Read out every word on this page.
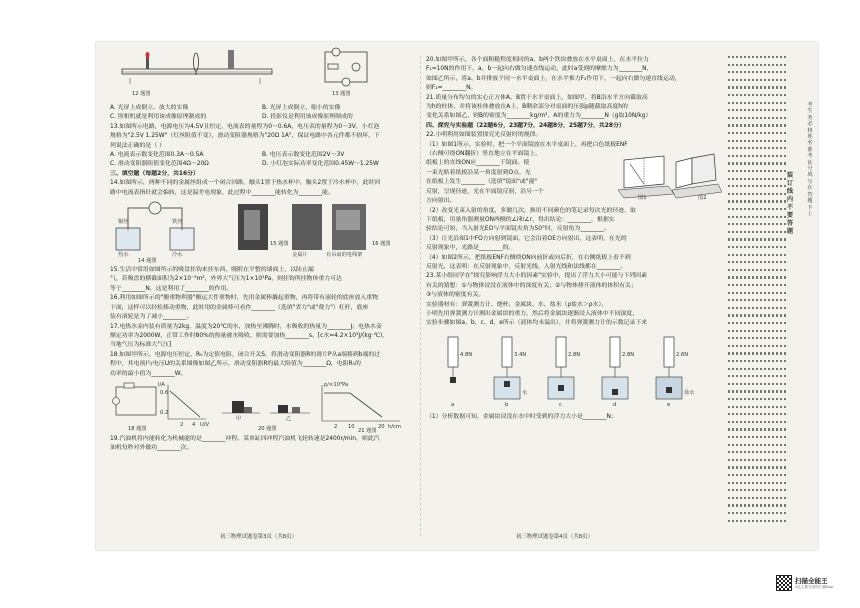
12 题图	13 题图
A. 光屏上成倒立、放大的实像	B. 光屏上成倒立、缩小的实像
C. 照相机就是利用该成像原理制成的	D. 投影仪是利用该成像原理制成的
13.如图所示电路，电源电压为4.5V且恒定，电流表的量程为0～0.6A，电压表的量程为0～3V，小灯泡
规格为"2.5V 1.25W"（灯丝阻值不变），滑动变阻器规格为"20Ω 1A"，保证电路中各元件都不损坏，下
列说法正确的是（ ）
A. 电流表示数变化范围0.3A～0.5A	B. 电压表示数变化范围2V～3V
C. 滑动变阻器阻值变化范围4Ω～20Ω	D. 小灯泡实际功率变化范围0.45W～1.25W
三、填空题（每题2分，共16分）
14.如图所示，两种不同的金属丝组成一个闭合回路，触头1置于热水杯中，触头2置于冷水杯中，此时回
路中电流表指针就会偏转，这是温差电现象，此过程中________能转化为________能。
热水	冷水
铜丝	铁丝
14 题图
15 题图
金属片	有吊扇的电线架
16 题图
15.生活中常用如图所示的吸盘挂钩来挂东西，吸附在平整的墙面上，以防止漏
气，若吸盘的横截面积为2×10⁻³m²，外界大气压为1×10⁵Pa，则挂钩所挂物体重力可达
等于________N，这是利用了________的作用。
16.利用如图所示的"搬重物利器"搬运大件重物时，先用金属棒撬起重物，再将带有滚轮的底座放入重物
下面，这样可以轻松移动重物，此时用的金属棒可看作________（选填"省力"或"费力"）杠杆，底座
装有滚轮是为了减小________。
17.电热水壶内装有质量为2kg、温度为20℃的水，加热至沸腾时，水吸收的热量为________J；电热水壶
额定功率为2000W，正常工作时80%的热量被水吸收，则需要加热________s。[c水=4.2×10³J/(kg·℃)，
当地气压为标准大气压]
18.如图甲所示，电源电压恒定，R₀为定值电阻，闭合开关S，将滑动变阻器R的滑片P从a端移到b端的过
程中，其电流I与电压U的关系图像如图乙所示，滑动变阻器R的最大阻值为________Ω，电阻R₀的
功率的最小值为________W。
I/A
U/V
0.6
0.2
2 4
18 题图
甲	乙
20 题图
p/×10³Pa
h/cm
2 10	20
21 题图
19.汽油机将内能转化为机械能的是________冲程。某单缸四冲程汽油机飞轮转速是2400r/min，则此汽
油机每秒对外做功________次。
初三物理试题卷第3页（共8页）
20.如图甲所示，各个面粗糙程度相同的a、b两个铁块叠放在水平桌面上，在水平拉力
F₁=10N的作用下，a、b一起向右做匀速直线运动，此时a受到的摩擦力为________N，
如图乙所示，将a、b并排放于同一水平桌面上，在水平推力F₂作用下，一起向右做匀速直线运动，
则F₂=________N。
21.质量分布均匀的实心正方体A、B置于水平桌面上，如图甲，将B沿水平方向截取高
为h的柱体，并将该柱体叠放在A上，B剩余部分对桌面的压强p随截取高度h的
变化关系如图乙，则B的密度为________kg/m³，A的重力为________N（g取10N/kg）
四、探究与实验题（22题6分，23题7分，24题8分，25题7分，共28分）
22.小明利用如图装置探究光反射时的规律。
（1）如图1所示，实验时，把一个平面镜放在水平桌面上，再把白色纸板ENF
（右侧可绕ON翻折）竖直地立在平面镜上，
纸板上的直线ON应________于镜面。使
一束光贴着纸板沿某一角度射到O点，光
在纸板上发生________（选填"镜面"或"漫"
反射，呈现径迹，光在平面镜反射，沿另一个
方向射出。
图1	图2
（2）改变光束入射的角度，多做几次，换用不同颜色的笔记录每次光的径迹，取
下纸板，用量角器测量ON两侧的∠i和∠r，得出结论：________，根据实
验结论可知，当入射光EO与平面镜夹角为50°时，反射角为________。
（3）让光沿图1中FO方向射到镜面，它会沿着OE方向射出，这表明，在光的
反射现象中，光路是________的。
（4）如图2所示，把纸板ENF右侧绕ON向前折或向后折，在右侧纸板上看不到
反射光，这表明：在反射现象中，反射光线、入射光线和法线都在________。
23.某小组同学在"探究影响浮力大小的因素"实验中，提出了浮力大小可能与下列因素
有关的猜想：①与物体浸没在液体中的深度有关；②与物体排开液体的体积有关；
③与液体的密度有关。
实验器材有：弹簧测力计、烧杯、金属块、水、盐水（ρ盐水＞ρ水）。
小明先用弹簧测力计测出金属块的重力，然后将金属块逐渐浸入液体中不同深度，
实验步骤如图a、b、c、d、e所示（液体均未溢出），并将弹簧测力计的示数记录下来
4.8N	3.4N	2.8N	2.8N	2.6N
a	b	c	d	e
水	盐水
（1）分析数据可知，金属块浸没在水中时受到的浮力大小是________N；
初三物理试题卷第4页（共8页）
装订线内不要答题
考生务必将姓名准考证号填写在答题卡上
扫描全能王
3亿人都在用的扫描App
